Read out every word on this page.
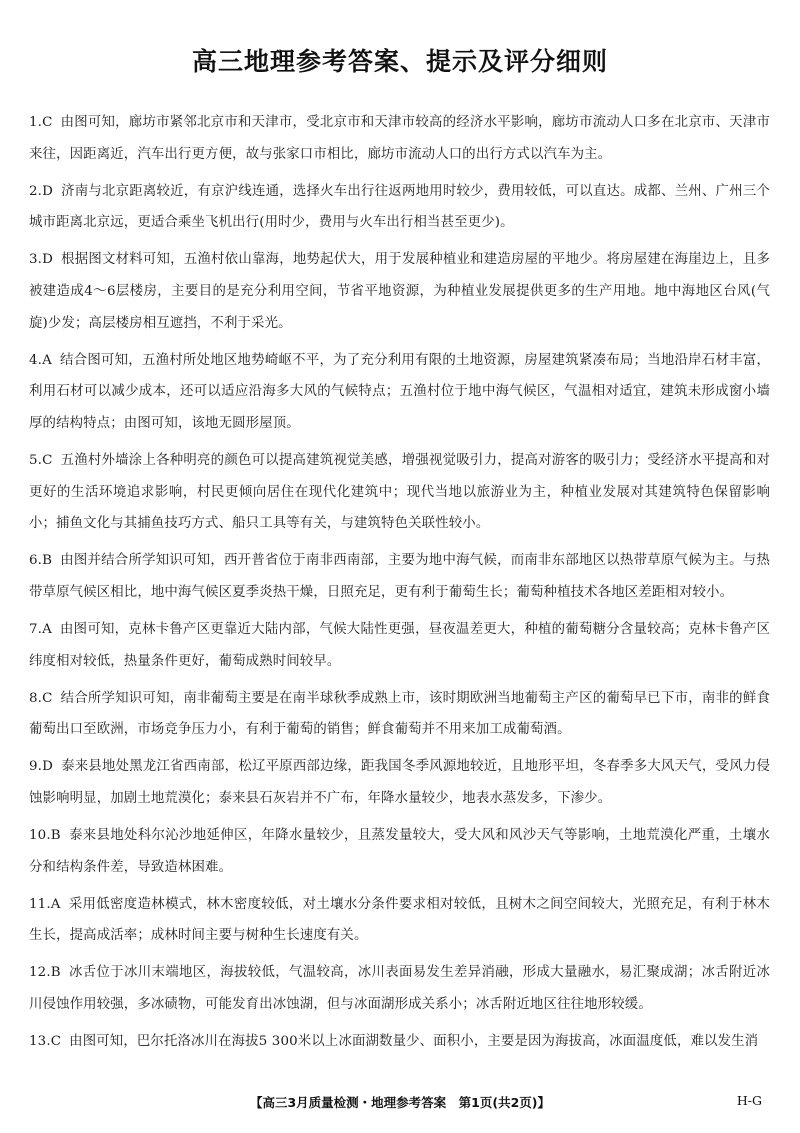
高三地理参考答案、提示及评分细则

1.C 由图可知，廊坊市紧邻北京市和天津市，受北京市和天津市较高的经济水平影响，廊坊市流动人口多在北京市、天津市来往，因距离近，汽车出行更方便，故与张家口市相比，廊坊市流动人口的出行方式以汽车为主。

2.D 济南与北京距离较近，有京沪线连通，选择火车出行往返两地用时较少，费用较低，可以直达。成都、兰州、广州三个城市距离北京远，更适合乘坐飞机出行(用时少，费用与火车出行相当甚至更少)。

3.D 根据图文材料可知，五渔村依山靠海，地势起伏大，用于发展种植业和建造房屋的平地少。将房屋建在海崖边上，且多被建造成4～6层楼房，主要目的是充分利用空间，节省平地资源，为种植业发展提供更多的生产用地。地中海地区台风(气旋)少发；高层楼房相互遮挡，不利于采光。

4.A 结合图可知，五渔村所处地区地势崎岖不平，为了充分利用有限的土地资源，房屋建筑紧凑布局；当地沿岸石材丰富，利用石材可以减少成本，还可以适应沿海多大风的气候特点；五渔村位于地中海气候区，气温相对适宜，建筑未形成窗小墙厚的结构特点；由图可知，该地无圆形屋顶。

5.C 五渔村外墙涂上各种明亮的颜色可以提高建筑视觉美感，增强视觉吸引力，提高对游客的吸引力；受经济水平提高和对更好的生活环境追求影响，村民更倾向居住在现代化建筑中；现代当地以旅游业为主，种植业发展对其建筑特色保留影响小；捕鱼文化与其捕鱼技巧方式、船只工具等有关，与建筑特色关联性较小。

6.B 由图并结合所学知识可知，西开普省位于南非西南部，主要为地中海气候，而南非东部地区以热带草原气候为主。与热带草原气候区相比，地中海气候区夏季炎热干燥，日照充足，更有利于葡萄生长；葡萄种植技术各地区差距相对较小。

7.A 由图可知，克林卡鲁产区更靠近大陆内部，气候大陆性更强，昼夜温差更大，种植的葡萄糖分含量较高；克林卡鲁产区纬度相对较低，热量条件更好，葡萄成熟时间较早。

8.C 结合所学知识可知，南非葡萄主要是在南半球秋季成熟上市，该时期欧洲当地葡萄主产区的葡萄早已下市，南非的鲜食葡萄出口至欧洲，市场竞争压力小，有利于葡萄的销售；鲜食葡萄并不用来加工成葡萄酒。

9.D 泰来县地处黑龙江省西南部，松辽平原西部边缘，距我国冬季风源地较近，且地形平坦，冬春季多大风天气，受风力侵蚀影响明显，加剧土地荒漠化；泰来县石灰岩并不广布，年降水量较少，地表水蒸发多，下渗少。

10.B 泰来县地处科尔沁沙地延伸区，年降水量较少，且蒸发量较大，受大风和风沙天气等影响，土地荒漠化严重，土壤水分和结构条件差，导致造林困难。

11.A 采用低密度造林模式，林木密度较低，对土壤水分条件要求相对较低，且树木之间空间较大，光照充足，有利于林木生长，提高成活率；成林时间主要与树种生长速度有关。

12.B 冰舌位于冰川末端地区，海拔较低，气温较高，冰川表面易发生差异消融，形成大量融水，易汇聚成湖；冰舌附近冰川侵蚀作用较强，多冰碛物，可能发育出冰蚀湖，但与冰面湖形成关系小；冰舌附近地区往往地形较缓。

13.C 由图可知，巴尔托洛冰川在海拔5 300米以上冰面湖数量少、面积小，主要是因为海拔高，冰面温度低，难以发生消

【高三3月质量检测・地理参考答案　第1页(共2页)】	H-G
